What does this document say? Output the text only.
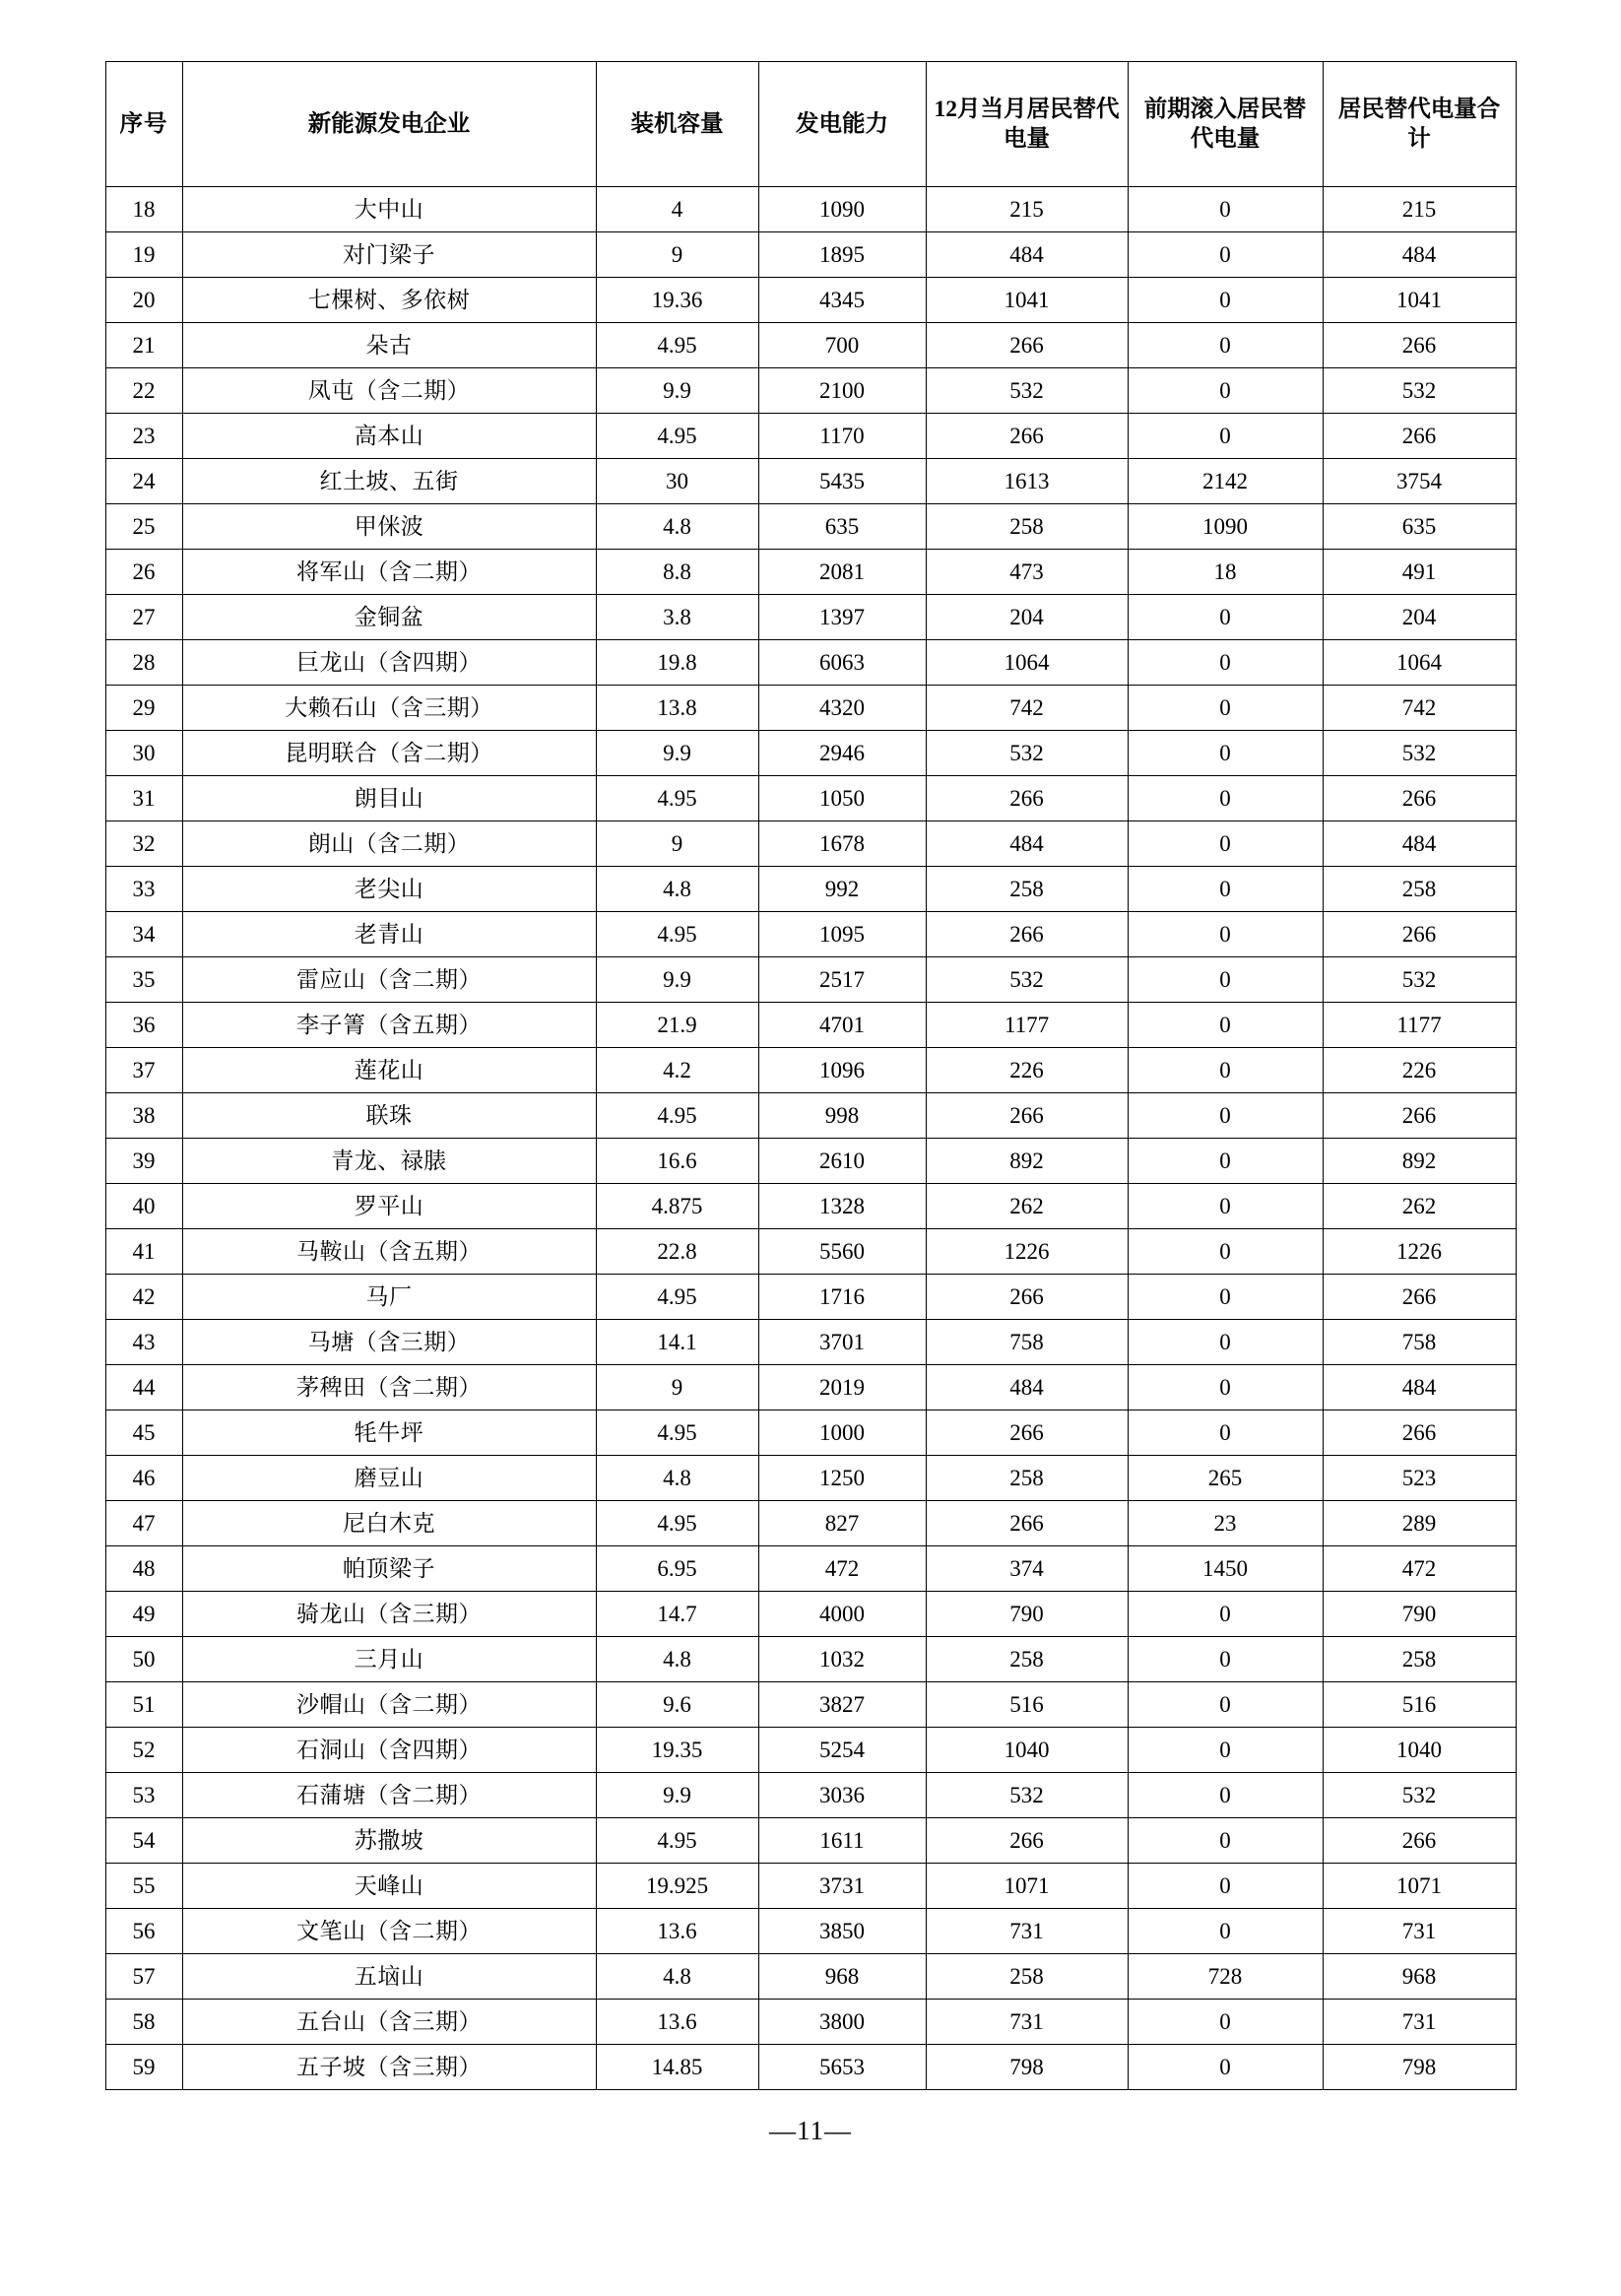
序号	新能源发电企业	装机容量	发电能力	12月当月居民替代电量	前期滚入居民替代电量	居民替代电量合计
18	大中山	4	1090	215	0	215
19	对门梁子	9	1895	484	0	484
20	七棵树、多依树	19.36	4345	1041	0	1041
21	朵古	4.95	700	266	0	266
22	凤屯（含二期）	9.9	2100	532	0	532
23	高本山	4.95	1170	266	0	266
24	红土坡、五街	30	5435	1613	2142	3754
25	甲侎波	4.8	635	258	1090	635
26	将军山（含二期）	8.8	2081	473	18	491
27	金铜盆	3.8	1397	204	0	204
28	巨龙山（含四期）	19.8	6063	1064	0	1064
29	大赖石山（含三期）	13.8	4320	742	0	742
30	昆明联合（含二期）	9.9	2946	532	0	532
31	朗目山	4.95	1050	266	0	266
32	朗山（含二期）	9	1678	484	0	484
33	老尖山	4.8	992	258	0	258
34	老青山	4.95	1095	266	0	266
35	雷应山（含二期）	9.9	2517	532	0	532
36	李子箐（含五期）	21.9	4701	1177	0	1177
37	莲花山	4.2	1096	226	0	226
38	联珠	4.95	998	266	0	266
39	青龙、禄脿	16.6	2610	892	0	892
40	罗平山	4.875	1328	262	0	262
41	马鞍山（含五期）	22.8	5560	1226	0	1226
42	马厂	4.95	1716	266	0	266
43	马塘（含三期）	14.1	3701	758	0	758
44	茅稗田（含二期）	9	2019	484	0	484
45	牦牛坪	4.95	1000	266	0	266
46	磨豆山	4.8	1250	258	265	523
47	尼白木克	4.95	827	266	23	289
48	帕顶梁子	6.95	472	374	1450	472
49	骑龙山（含三期）	14.7	4000	790	0	790
50	三月山	4.8	1032	258	0	258
51	沙帽山（含二期）	9.6	3827	516	0	516
52	石洞山（含四期）	19.35	5254	1040	0	1040
53	石蒲塘（含二期）	9.9	3036	532	0	532
54	苏撒坡	4.95	1611	266	0	266
55	天峰山	19.925	3731	1071	0	1071
56	文笔山（含二期）	13.6	3850	731	0	731
57	五垴山	4.8	968	258	728	968
58	五台山（含三期）	13.6	3800	731	0	731
59	五子坡（含三期）	14.85	5653	798	0	798
—11—
